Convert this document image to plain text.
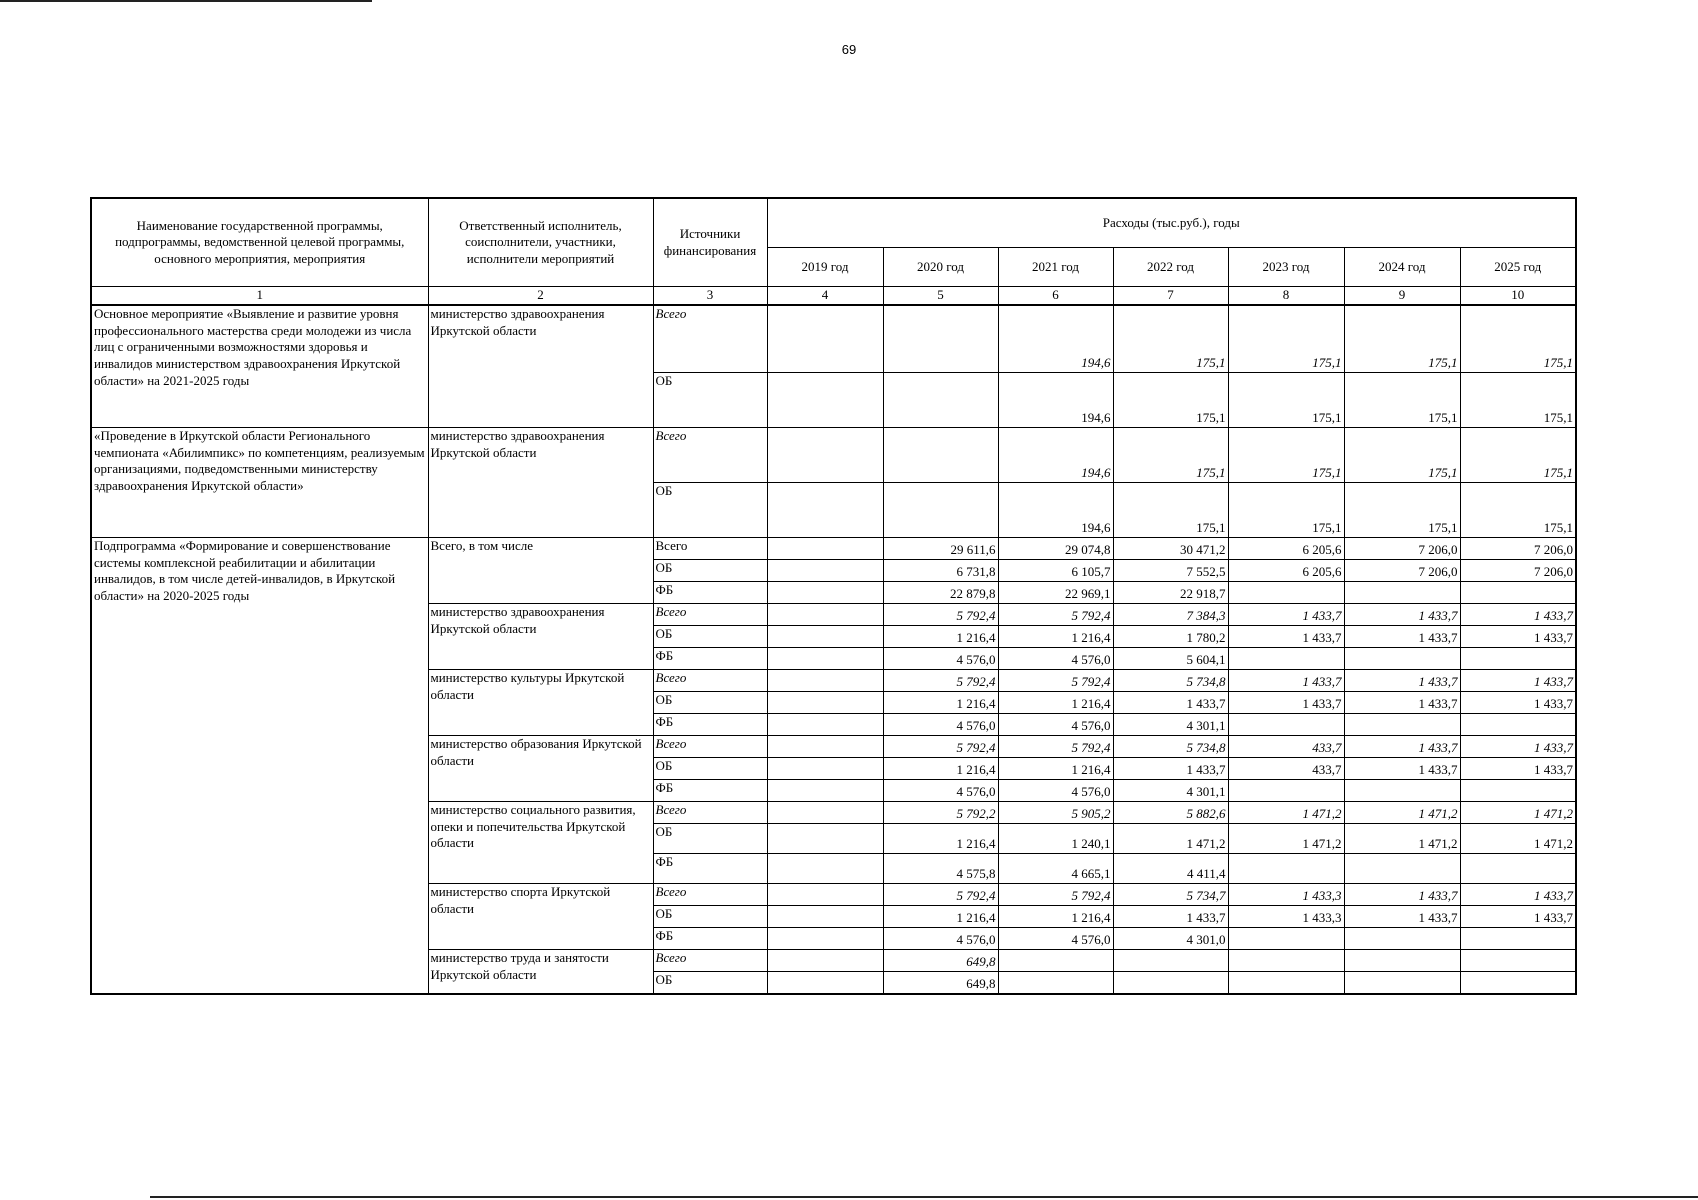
69
Наименование государственной программы, подпрограммы, ведомственной целевой программы, основного мероприятия, мероприятия	Ответственный исполнитель, соисполнители, участники, исполнители мероприятий	Источники финансирования	Расходы (тыс.руб.), годы						
			2019 год	2020 год	2021 год	2022 год	2023 год	2024 год	2025 год
1	2	3	4	5	6	7	8	9	10
Основное мероприятие «Выявление и развитие уровня профессионального мастерства среди молодежи из числа лиц с ограниченными возможностями здоровья и инвалидов министерством здравоохранения Иркутской области» на 2021-2025 годы	министерство здравоохранения Иркутской области	Всего			194,6	175,1	175,1	175,1	175,1
		ОБ			194,6	175,1	175,1	175,1	175,1
«Проведение в Иркутской области Регионального чемпионата «Абилимпикс» по компетенциям, реализуемым организациями, подведомственными министерству здравоохранения Иркутской области»	министерство здравоохранения Иркутской области	Всего			194,6	175,1	175,1	175,1	175,1
		ОБ			194,6	175,1	175,1	175,1	175,1
Подпрограмма «Формирование и совершенствование системы комплексной реабилитации и абилитации инвалидов, в том числе детей-инвалидов, в Иркутской области» на 2020-2025 годы	Всего, в том числе	Всего		29 611,6	29 074,8	30 471,2	6 205,6	7 206,0	7 206,0
		ОБ		6 731,8	6 105,7	7 552,5	6 205,6	7 206,0	7 206,0
		ФБ		22 879,8	22 969,1	22 918,7			
	министерство здравоохранения Иркутской области	Всего		5 792,4	5 792,4	7 384,3	1 433,7	1 433,7	1 433,7
		ОБ		1 216,4	1 216,4	1 780,2	1 433,7	1 433,7	1 433,7
		ФБ		4 576,0	4 576,0	5 604,1			
	министерство культуры Иркутской области	Всего		5 792,4	5 792,4	5 734,8	1 433,7	1 433,7	1 433,7
		ОБ		1 216,4	1 216,4	1 433,7	1 433,7	1 433,7	1 433,7
		ФБ		4 576,0	4 576,0	4 301,1			
	министерство образования Иркутской области	Всего		5 792,4	5 792,4	5 734,8	433,7	1 433,7	1 433,7
		ОБ		1 216,4	1 216,4	1 433,7	433,7	1 433,7	1 433,7
		ФБ		4 576,0	4 576,0	4 301,1			
	министерство социального развития, опеки и попечительства Иркутской области	Всего		5 792,2	5 905,2	5 882,6	1 471,2	1 471,2	1 471,2
		ОБ		1 216,4	1 240,1	1 471,2	1 471,2	1 471,2	1 471,2
		ФБ		4 575,8	4 665,1	4 411,4			
	министерство спорта Иркутской области	Всего		5 792,4	5 792,4	5 734,7	1 433,3	1 433,7	1 433,7
		ОБ		1 216,4	1 216,4	1 433,7	1 433,3	1 433,7	1 433,7
		ФБ		4 576,0	4 576,0	4 301,0			
	министерство труда и занятости Иркутской области	Всего		649,8					
		ОБ		649,8					
